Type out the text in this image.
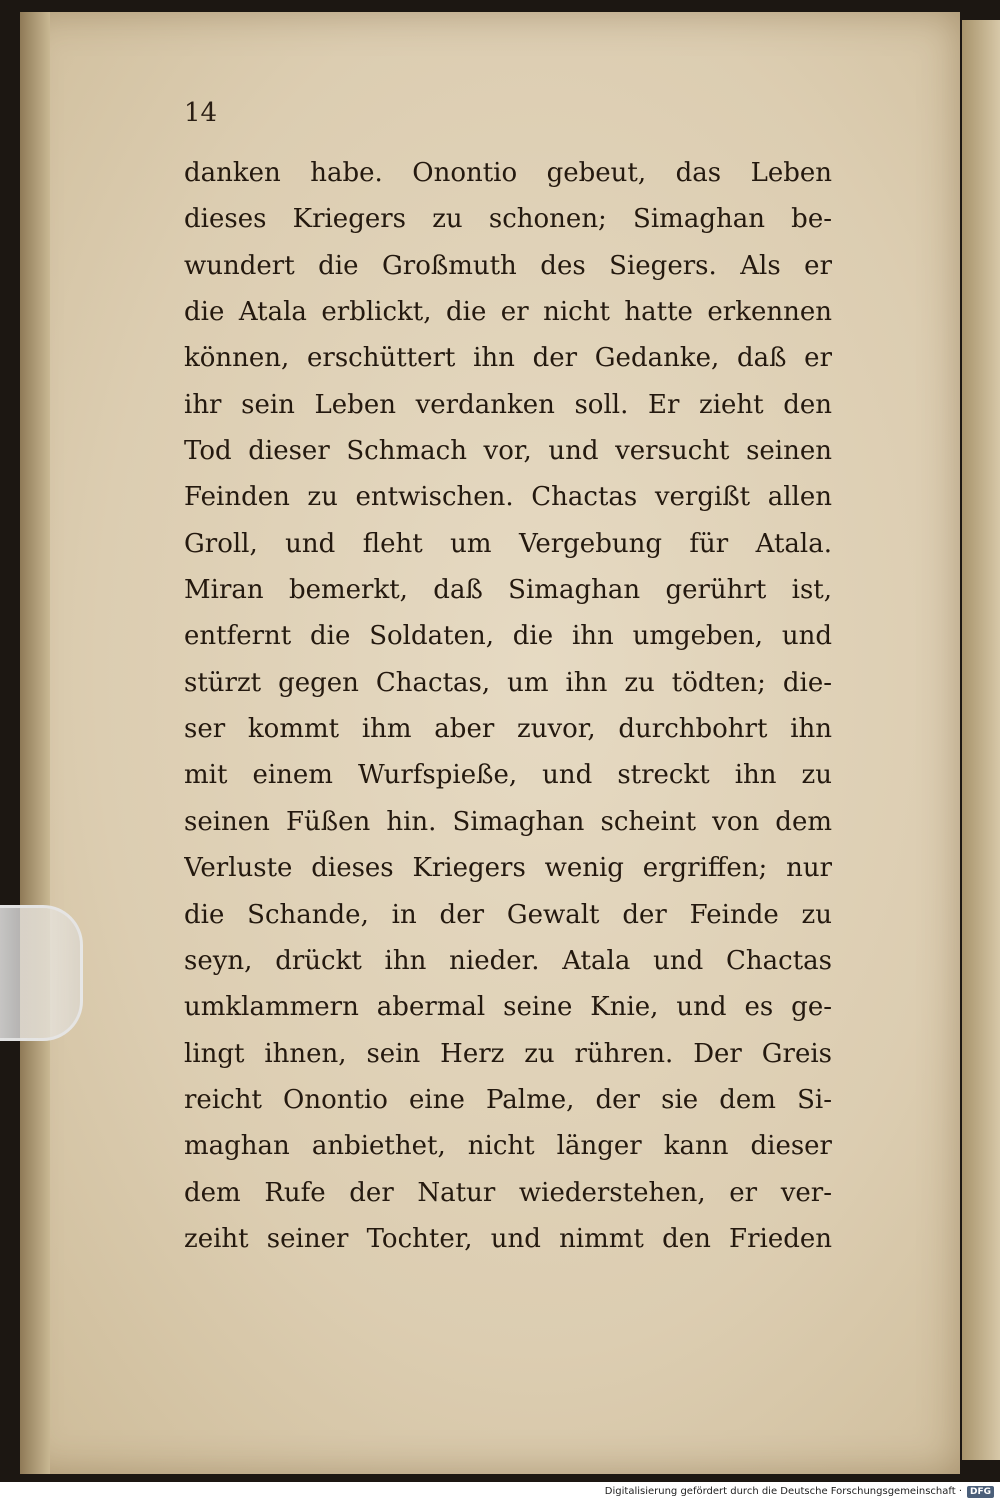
14
danken habe. Onontio gebeut, das Leben
dieses Kriegers zu schonen; Simaghan be-
wundert die Großmuth des Siegers. Als er
die Atala erblickt, die er nicht hatte erkennen
können, erschüttert ihn der Gedanke, daß er
ihr sein Leben verdanken soll. Er zieht den
Tod dieser Schmach vor, und versucht seinen
Feinden zu entwischen. Chactas vergißt allen
Groll, und fleht um Vergebung für Atala.
Miran bemerkt, daß Simaghan gerührt ist,
entfernt die Soldaten, die ihn umgeben, und
stürzt gegen Chactas, um ihn zu tödten; die-
ser kommt ihm aber zuvor, durchbohrt ihn
mit einem Wurfspieße, und streckt ihn zu
seinen Füßen hin. Simaghan scheint von dem
Verluste dieses Kriegers wenig ergriffen; nur
die Schande, in der Gewalt der Feinde zu
seyn, drückt ihn nieder. Atala und Chactas
umklammern abermal seine Knie, und es ge-
lingt ihnen, sein Herz zu rühren. Der Greis
reicht Onontio eine Palme, der sie dem Si-
maghan anbiethet, nicht länger kann dieser
dem Rufe der Natur wiederstehen, er ver-
zeiht seiner Tochter, und nimmt den Frieden
Digitalisierung gefördert durch die Deutsche Forschungsgemeinschaft · DFG
